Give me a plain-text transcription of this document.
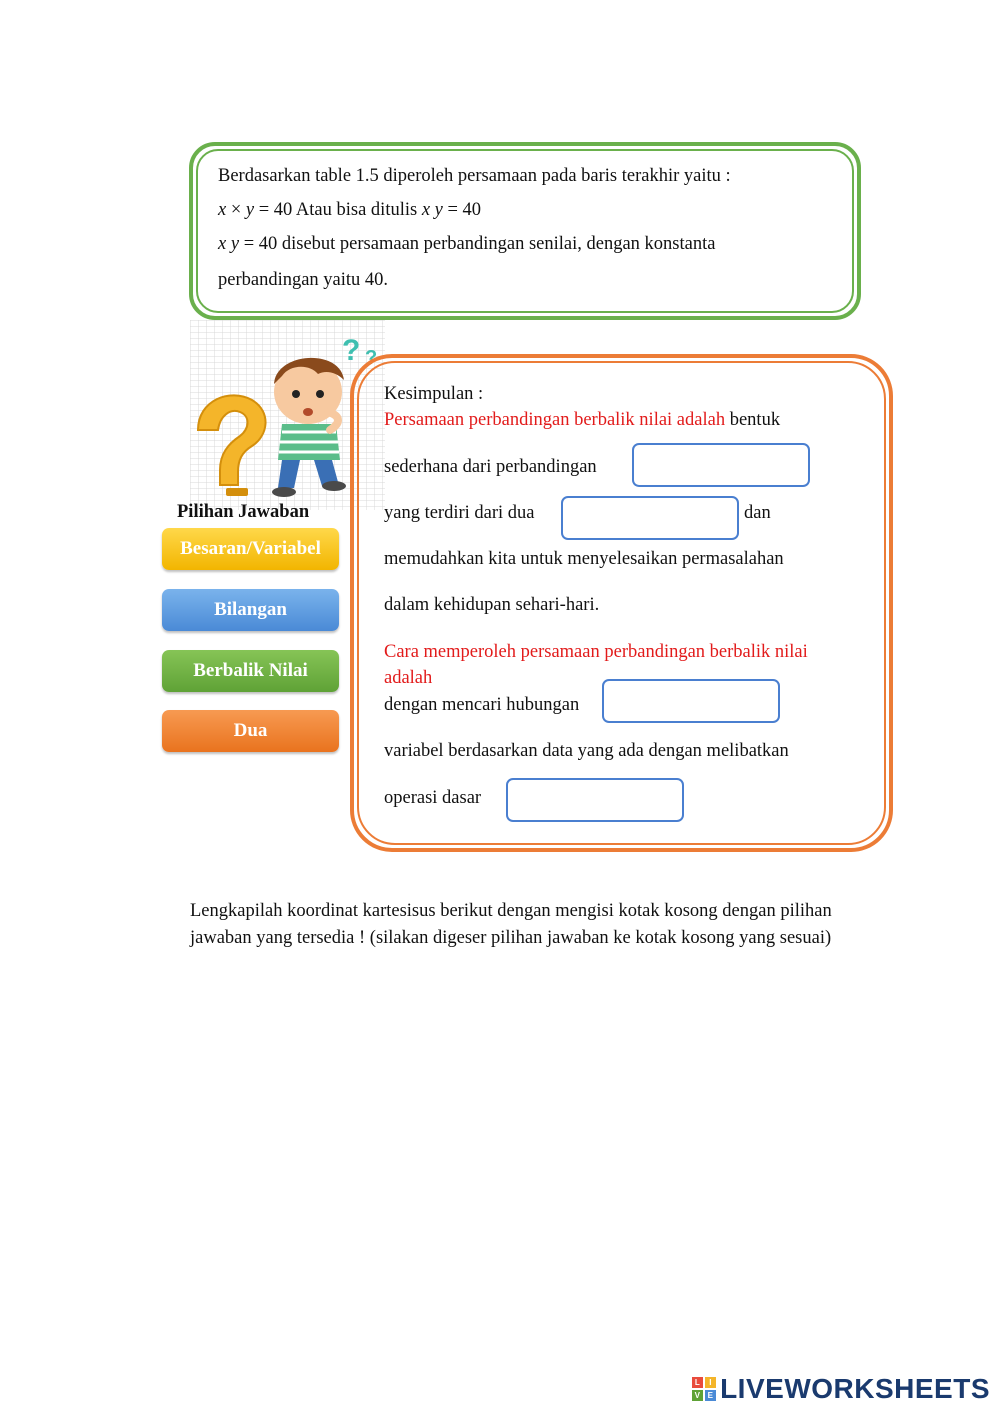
Berdasarkan table 1.5 diperoleh persamaan pada baris terakhir yaitu :
x × y = 40 Atau bisa ditulis x y = 40
x y = 40 disebut persamaan perbandingan senilai, dengan konstanta
perbandingan yaitu 40.
? ?
Pilihan Jawaban
Besaran/Variabel
Bilangan
Berbalik Nilai
Dua
Kesimpulan :
Persamaan perbandingan berbalik nilai adalah bentuk
sederhana dari perbandingan
yang terdiri dari dua	dan
memudahkan kita untuk menyelesaikan permasalahan
dalam kehidupan sehari-hari.
Cara memperoleh persamaan perbandingan berbalik nilai
adalah
dengan mencari hubungan
variabel berdasarkan data yang ada dengan melibatkan
operasi dasar
Lengkapilah koordinat kartesisus berikut dengan mengisi kotak kosong dengan pilihan jawaban yang tersedia ! (silakan digeser pilihan jawaban ke kotak kosong yang sesuai)
L	I
V E LIVEWORKSHEETS
